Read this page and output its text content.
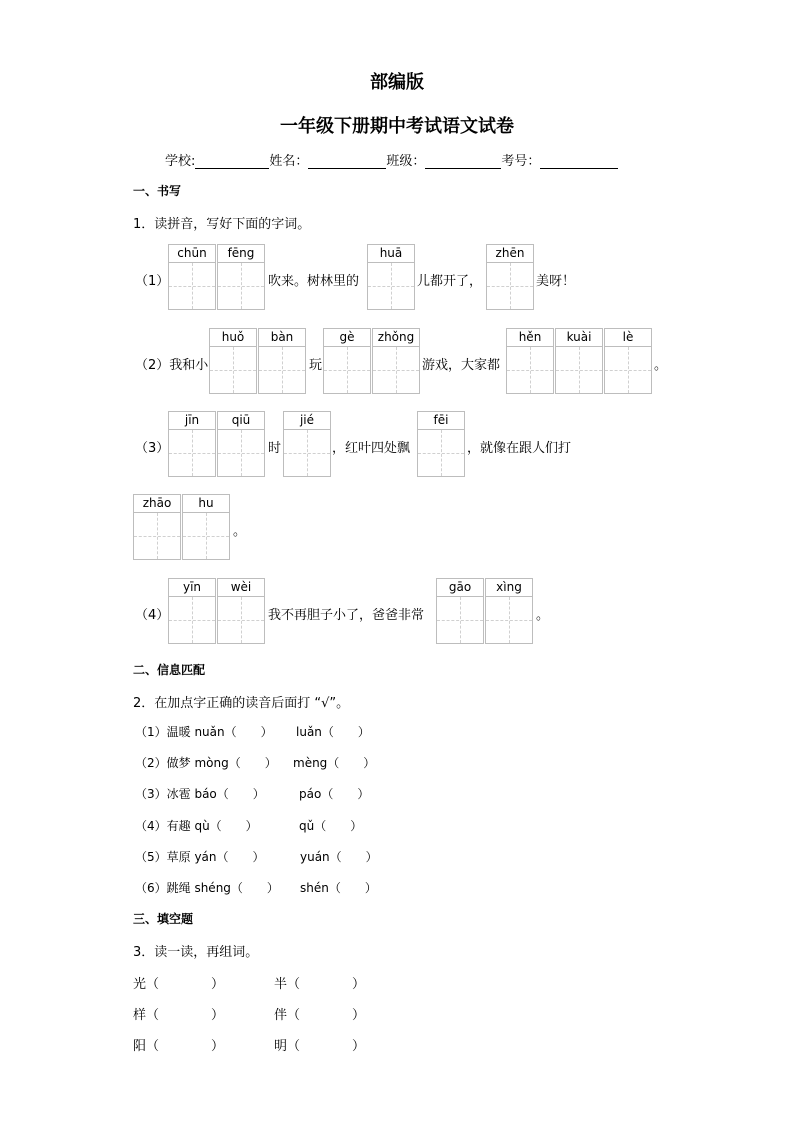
部编版
一年级下册期中考试语文试卷
学校:	姓名：	班级：	考号：
一、书写
1．读拼音，写好下面的字词。
（1）
chūn	fēng
吹来。树林里的
huā
儿都开了，
zhēn
美呀！
（2）我和小
huǒ	bàn
玩
gè	zhǒng
游戏，大家都
hěn	kuài	lè
。
（3）
jīn	qiū
时
jié
，红叶四处飘
fēi
，就像在跟人们打
zhāo	hu
。
（4）
yīn	wèi
我不再胆子小了，爸爸非常
gāo	xìng
。
二、信息匹配
2．在加点字正确的读音后面打 “√”。
（1）温暖 nuǎn（　　） luǎn（　　）
（2）做梦 mòng（　　） mèng（　　）
（3）冰雹 báo（　　）	páo（　　）
（4）有趣 qù（　　）	qǔ（　　）
（5）草原 yán（　　）	yuán（　　）
（6）跳绳 shéng（　　） shén（　　）
三、填空题
3．读一读，再组词。
光（　　　　）	半（　　　　）
样（　　　　）	伴（　　　　）
阳（　　　　）	明（　　　　）
